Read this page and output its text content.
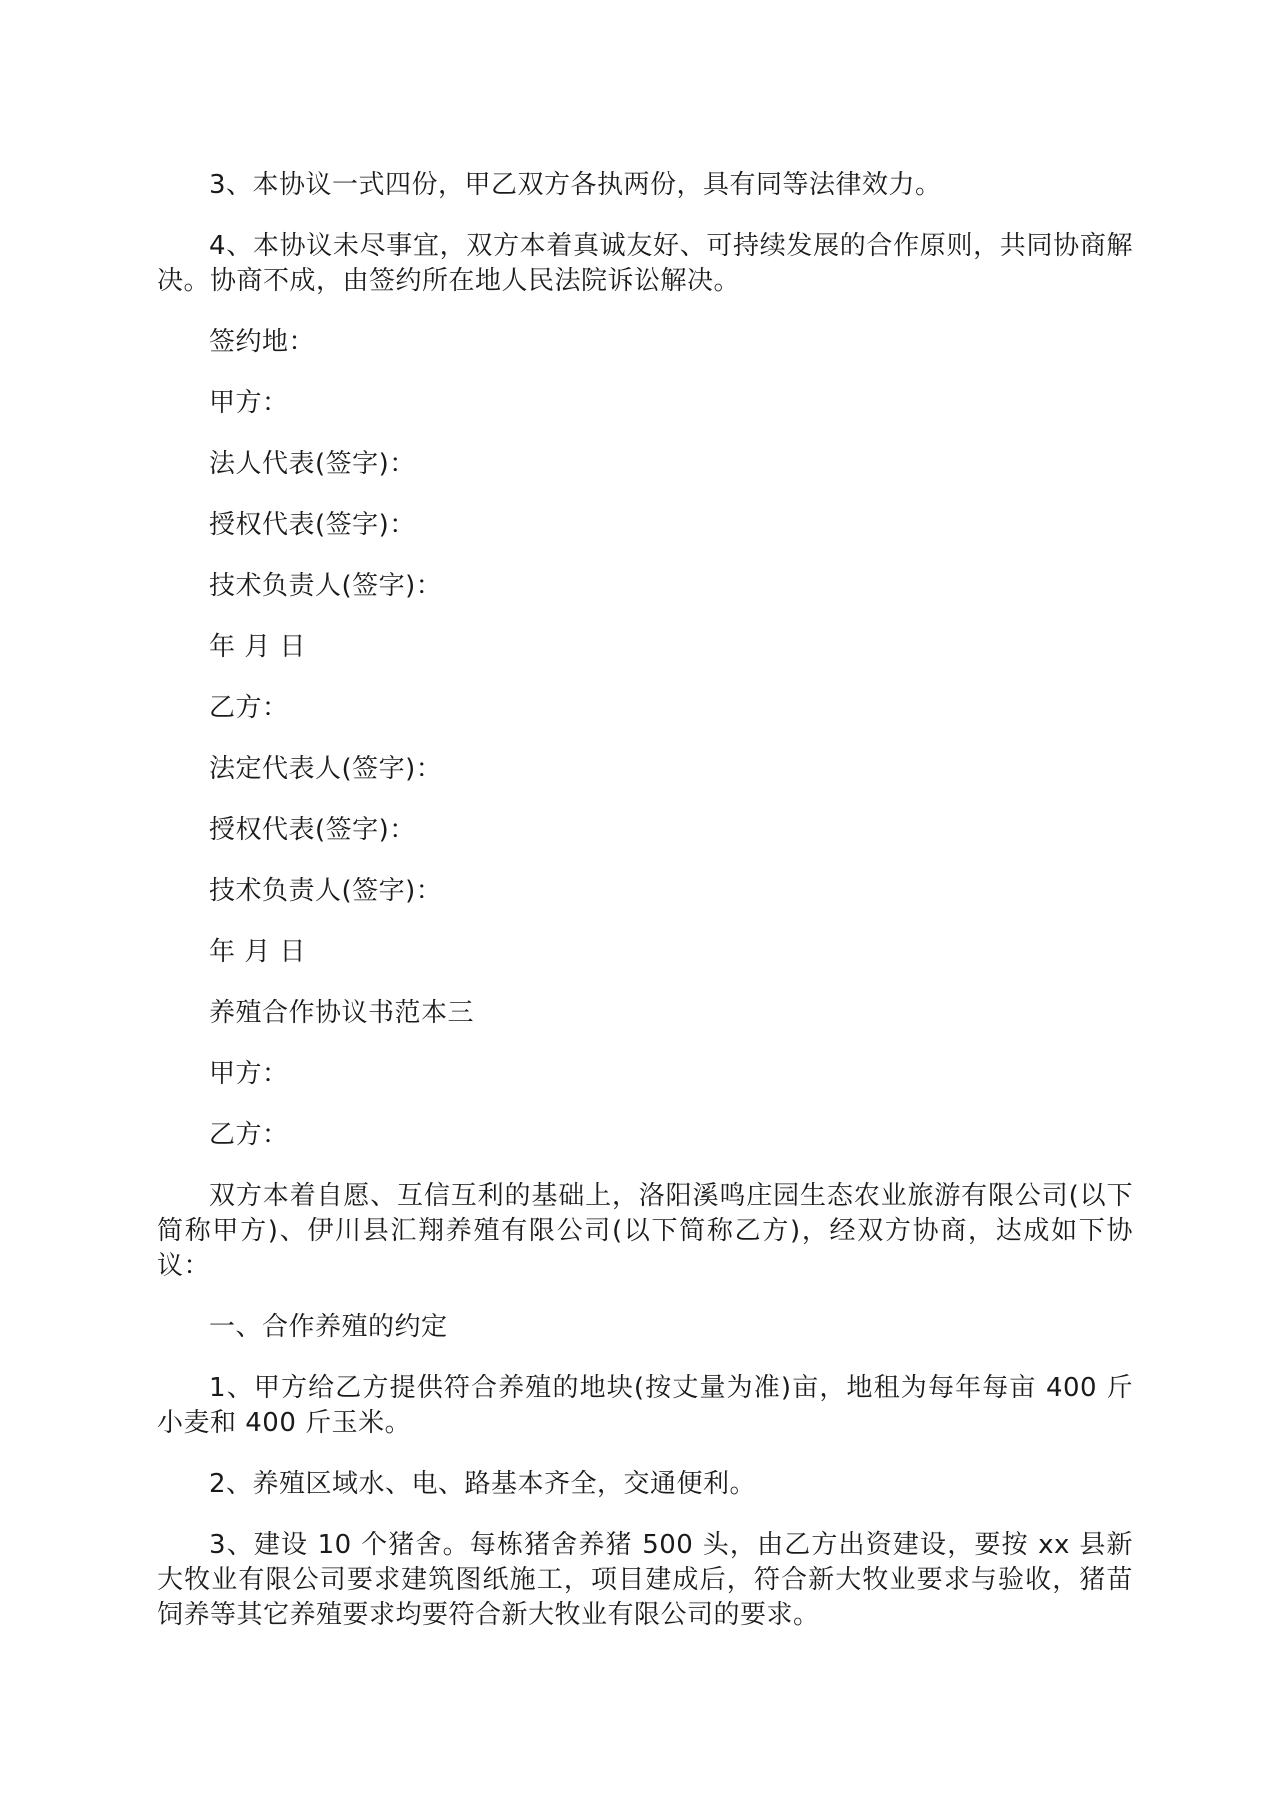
3、本协议一式四份，甲乙双方各执两份，具有同等法律效力。

4、本协议未尽事宜，双方本着真诚友好、可持续发展的合作原则，共同协商解决。协商不成，由签约所在地人民法院诉讼解决。

签约地：

甲方：

法人代表(签字)：

授权代表(签字)：

技术负责人(签字)：

年 月 日

乙方：

法定代表人(签字)：

授权代表(签字)：

技术负责人(签字)：

年 月 日

养殖合作协议书范本三

甲方：

乙方：

双方本着自愿、互信互利的基础上，洛阳溪鸣庄园生态农业旅游有限公司(以下简称甲方)、伊川县汇翔养殖有限公司(以下简称乙方)，经双方协商，达成如下协议：

一、合作养殖的约定

1、甲方给乙方提供符合养殖的地块(按丈量为准)亩，地租为每年每亩 400 斤小麦和 400 斤玉米。

2、养殖区域水、电、路基本齐全，交通便利。

3、建设 10 个猪舍。每栋猪舍养猪 500 头，由乙方出资建设，要按 xx 县新大牧业有限公司要求建筑图纸施工，项目建成后，符合新大牧业要求与验收，猪苗饲养等其它养殖要求均要符合新大牧业有限公司的要求。
